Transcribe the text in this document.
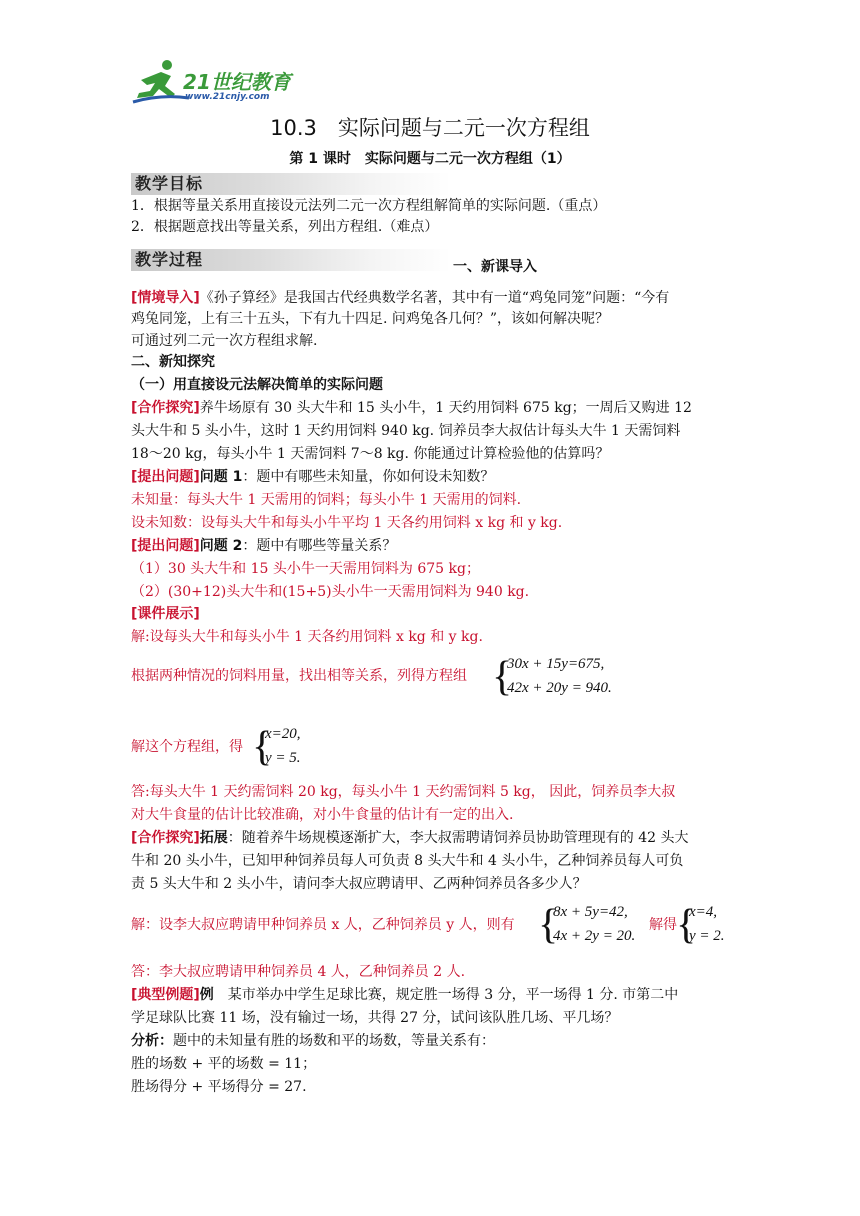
21世纪教育
www.21cnjy.com
10.3　实际问题与二元一次方程组
第 1 课时　实际问题与二元一次方程组（1）
教学目标
1．根据等量关系用直接设元法列二元一次方程组解简单的实际问题.（重点）
2．根据题意找出等量关系，列出方程组.（难点）
教学过程	一、新课导入
[情境导入]《孙子算经》是我国古代经典数学名著，其中有一道“鸡兔同笼”问题：“今有
鸡兔同笼，上有三十五头，下有九十四足. 问鸡兔各几何？”，该如何解决呢？
可通过列二元一次方程组求解.
二、新知探究
（一）用直接设元法解决简单的实际问题
[合作探究]养牛场原有 30 头大牛和 15 头小牛，1 天约用饲料 675 kg；一周后又购进 12
头大牛和 5 头小牛，这时 1 天约用饲料 940 kg. 饲养员李大叔估计每头大牛 1 天需饲料
18～20 kg，每头小牛 1 天需饲料 7～8 kg. 你能通过计算检验他的估算吗？
[提出问题]问题 1：题中有哪些未知量，你如何设未知数？
未知量：每头大牛 1 天需用的饲料；每头小牛 1 天需用的饲料.
设未知数：设每头大牛和每头小牛平均 1 天各约用饲料 x kg 和 y kg.
[提出问题]问题 2：题中有哪些等量关系？
（1）30 头大牛和 15 头小牛一天需用饲料为 675 kg；
（2）(30+12)头大牛和(15+5)头小牛一天需用饲料为 940 kg.
[课件展示]
解:设每头大牛和每头小牛 1 天各约用饲料 x kg 和 y kg.
根据两种情况的饲料用量，找出相等关系，列得方程组 {
30x + 15y=675,
42x + 20y = 940.
解这个方程组，得 {
x=20,
y = 5.
答:每头大牛 1 天约需饲料 20 kg，每头小牛 1 天约需饲料 5 kg， 因此，饲养员李大叔
对大牛食量的估计比较准确，对小牛食量的估计有一定的出入.
[合作探究]拓展：随着养牛场规模逐渐扩大，李大叔需聘请饲养员协助管理现有的 42 头大
牛和 20 头小牛，已知甲种饲养员每人可负责 8 头大牛和 4 头小牛，乙种饲养员每人可负
责 5 头大牛和 2 头小牛，请问李大叔应聘请甲、乙两种饲养员各多少人？
解：设李大叔应聘请甲种饲养员 x 人，乙种饲养员 y 人，则有 {
8x + 5y=42,
4x + 2y = 20.
解得 {
x=4,
y = 2.
答：李大叔应聘请甲种饲养员 4 人，乙种饲养员 2 人.
[典型例题]例　某市举办中学生足球比赛，规定胜一场得 3 分，平一场得 1 分. 市第二中
学足球队比赛 11 场，没有输过一场，共得 27 分，试问该队胜几场、平几场？
分析：题中的未知量有胜的场数和平的场数，等量关系有：
胜的场数 + 平的场数 = 11；
胜场得分 + 平场得分 = 27.
